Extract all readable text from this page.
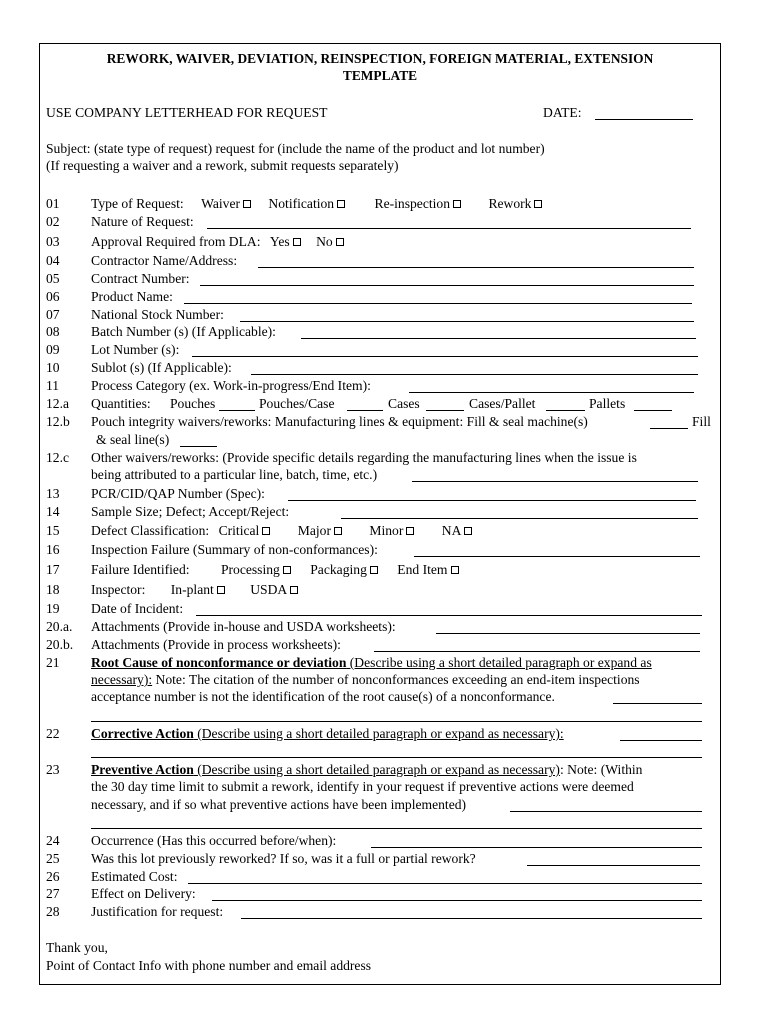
REWORK, WAIVER, DEVIATION, REINSPECTION, FOREIGN MATERIAL, EXTENSION
TEMPLATE
USE COMPANY LETTERHEAD FOR REQUEST	DATE:
Subject: (state type of request) request for (include the name of the product and lot number)
(If requesting a waiver and a rework, submit requests separately)
01 Type of Request: Waiver Notification	Re-inspection	Rework
02 Nature of Request:
03 Approval Required from DLA: Yes No
04 Contractor Name/Address:
05 Contract Number:
06 Product Name:
07 National Stock Number:
08 Batch Number (s) (If Applicable):
09 Lot Number (s):
10 Sublot (s) (If Applicable):
11 Process Category (ex. Work-in-progress/End Item):
12.a Quantities: Pouches	Pouches/Case	Cases	Cases/Pallet	Pallets
12.b Pouch integrity waivers/reworks: Manufacturing lines & equipment: Fill & seal machine(s)	Fill
& seal line(s)
12.c Other waivers/reworks: (Provide specific details regarding the manufacturing lines when the issue is
being attributed to a particular line, batch, time, etc.)
13 PCR/CID/QAP Number (Spec):
14 Sample Size; Defect; Accept/Reject:
15 Defect Classification: Critical	Major	Minor	NA
16 Inspection Failure (Summary of non-conformances):
17 Failure Identified: Processing Packaging End Item
18 Inspector: In-plant	USDA
19 Date of Incident:
20.a. Attachments (Provide in-house and USDA worksheets):
20.b. Attachments (Provide in process worksheets):
21 Root Cause of nonconformance or deviation (Describe using a short detailed paragraph or expand as
necessary): Note: The citation of the number of nonconformances exceeding an end-item inspections
acceptance number is not the identification of the root cause(s) of a nonconformance.
22 Corrective Action (Describe using a short detailed paragraph or expand as necessary):
23 Preventive Action (Describe using a short detailed paragraph or expand as necessary): Note: (Within
the 30 day time limit to submit a rework, identify in your request if preventive actions were deemed
necessary, and if so what preventive actions have been implemented)
24 Occurrence (Has this occurred before/when):
25 Was this lot previously reworked? If so, was it a full or partial rework?
26 Estimated Cost:
27 Effect on Delivery:
28 Justification for request:
Thank you,
Point of Contact Info with phone number and email address
